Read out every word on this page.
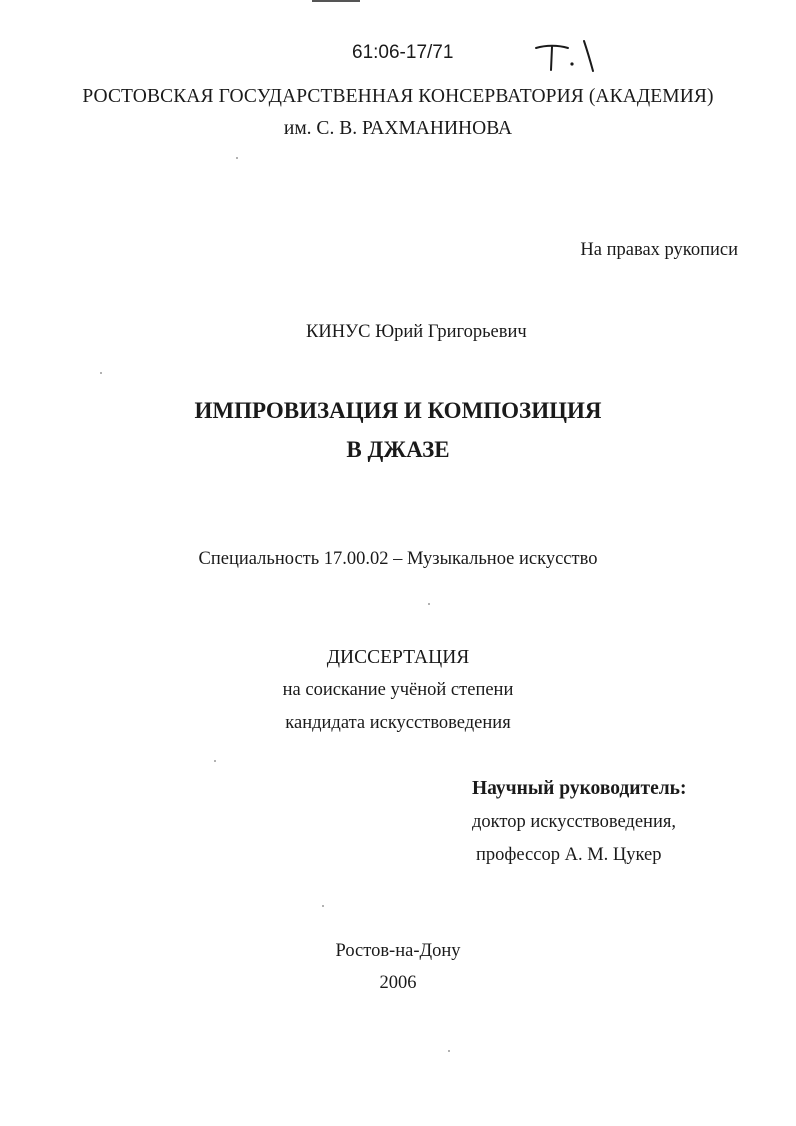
61:06-17/71
РОСТОВСКАЯ ГОСУДАРСТВЕННАЯ КОНСЕРВАТОРИЯ (АКАДЕМИЯ)
им. С. В. РАХМАНИНОВА
На правах рукописи
КИНУС Юрий Григорьевич
ИМПРОВИЗАЦИЯ И КОМПОЗИЦИЯ
В ДЖАЗЕ
Специальность 17.00.02 – Музыкальное искусство
ДИССЕРТАЦИЯ
на соискание учёной степени
кандидата искусствоведения
Научный руководитель:
доктор искусствоведения,
профессор А. М. Цукер
Ростов-на-Дону
2006
